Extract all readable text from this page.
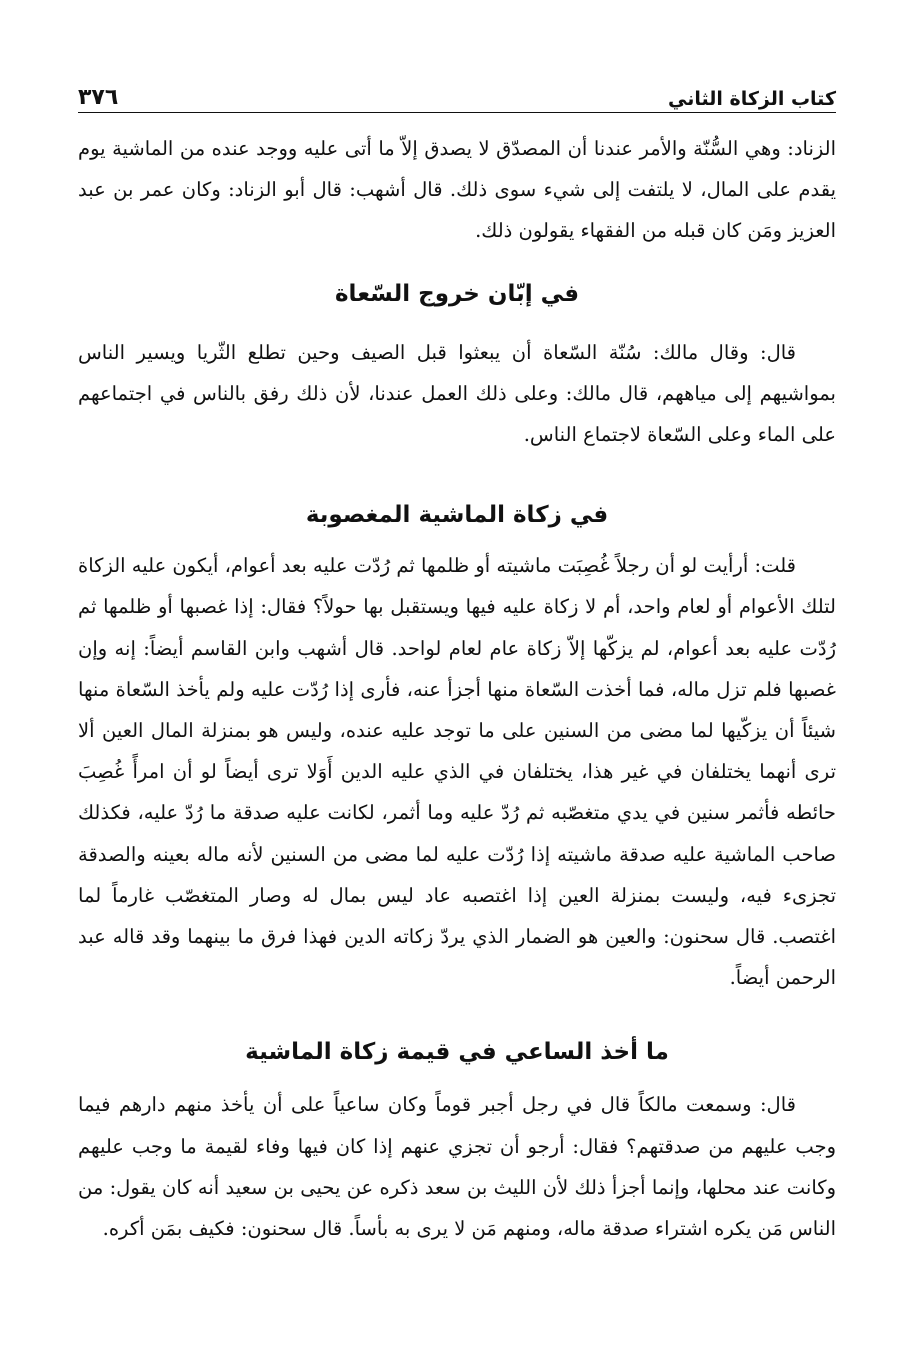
٣٧٦	كتاب الزكاة الثاني

الزناد: وهي السُّنّة والأمر عندنا أن المصدّق لا يصدق إلاّ ما أتى عليه ووجد عنده من الماشية يوم يقدم على المال، لا يلتفت إلى شيء سوى ذلك. قال أشهب: قال أبو الزناد: وكان عمر بن عبد العزيز ومَن كان قبله من الفقهاء يقولون ذلك.

في إبّان خروج السّعاة

قال: وقال مالك: سُنّة السّعاة أن يبعثوا قبل الصيف وحين تطلع الثّريا ويسير الناس بمواشيهم إلى مياههم، قال مالك: وعلى ذلك العمل عندنا، لأن ذلك رفق بالناس في اجتماعهم على الماء وعلى السّعاة لاجتماع الناس.

في زكاة الماشية المغصوبة

قلت: أرأيت لو أن رجلاً غُصِبَت ماشيته أو ظلمها ثم رُدّت عليه بعد أعوام، أيكون عليه الزكاة لتلك الأعوام أو لعام واحد، أم لا زكاة عليه فيها ويستقبل بها حولاً؟ فقال: إذا غصبها أو ظلمها ثم رُدّت عليه بعد أعوام، لم يزكّها إلاّ زكاة عام لعام لواحد. قال أشهب وابن القاسم أيضاً: إنه وإن غصبها فلم تزل ماله، فما أخذت السّعاة منها أجزأ عنه، فأرى إذا رُدّت عليه ولم يأخذ السّعاة منها شيئاً أن يزكّيها لما مضى من السنين على ما توجد عليه عنده، وليس هو بمنزلة المال العين ألا ترى أنهما يختلفان في غير هذا، يختلفان في الذي عليه الدين أَوَلا ترى أيضاً لو أن امرأً غُصِبَ حائطه فأثمر سنين في يدي متغصّبه ثم رُدّ عليه وما أثمر، لكانت عليه صدقة ما رُدّ عليه، فكذلك صاحب الماشية عليه صدقة ماشيته إذا رُدّت عليه لما مضى من السنين لأنه ماله بعينه والصدقة تجزىء فيه، وليست بمنزلة العين إذا اغتصبه عاد ليس بمال له وصار المتغصّب غارماً لما اغتصب. قال سحنون: والعين هو الضمار الذي يردّ زكاته الدين فهذا فرق ما بينهما وقد قاله عبد الرحمن أيضاً.

ما أخذ الساعي في قيمة زكاة الماشية

قال: وسمعت مالكاً قال في رجل أجبر قوماً وكان ساعياً على أن يأخذ منهم دارهم فيما وجب عليهم من صدقتهم؟ فقال: أرجو أن تجزي عنهم إذا كان فيها وفاء لقيمة ما وجب عليهم وكانت عند محلها، وإنما أجزأ ذلك لأن الليث بن سعد ذكره عن يحيى بن سعيد أنه كان يقول: من الناس مَن يكره اشتراء صدقة ماله، ومنهم مَن لا يرى به بأساً. قال سحنون: فكيف بمَن أكره.
